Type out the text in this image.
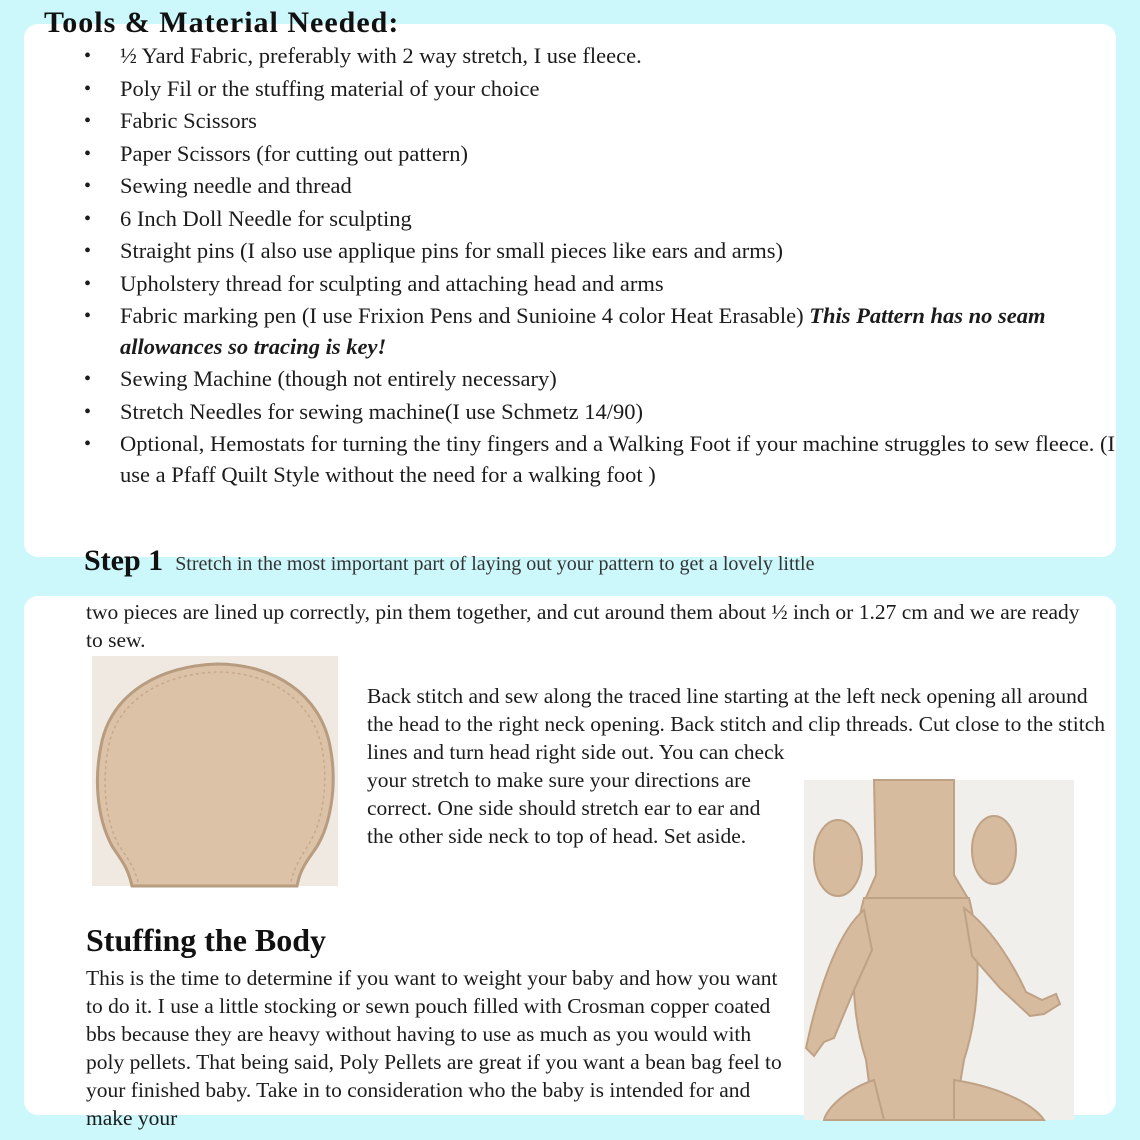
Tools & Material Needed:
• ½ Yard Fabric, preferably with 2 way stretch, I use fleece.
• Poly Fil or the stuffing material of your choice
• Fabric Scissors
• Paper Scissors (for cutting out pattern)
• Sewing needle and thread
• 6 Inch Doll Needle for sculpting
• Straight pins (I also use applique pins for small pieces like ears and arms)
• Upholstery thread for sculpting and attaching head and arms
• Fabric marking pen (I use Frixion Pens and Sunioine 4 color Heat Erasable) This Pattern has no seam allowances so tracing is key!
• Sewing Machine (though not entirely necessary)
• Stretch Needles for sewing machine(I use Schmetz 14/90)
• Optional, Hemostats for turning the tiny fingers and a Walking Foot if your machine struggles to sew fleece. (I use a Pfaff Quilt Style without the need for a walking foot )
Step 1 Stretch in the most important part of laying out your pattern to get a lovely little

two pieces are lined up correctly, pin them together, and cut around them about ½ inch or 1.27 cm and we are ready to sew.

Back stitch and sew along the traced line starting at the left neck opening all around the head to the right neck opening. Back stitch and clip threads. Cut close to the stitch lines and turn head right side out. You can check

your stretch to make sure your directions are correct. One side should stretch ear to ear and the other side neck to top of head. Set aside.

Stuffing the Body

This is the time to determine if you want to weight your baby and how you want to do it. I use a little stocking or sewn pouch filled with Crosman copper coated bbs because they are heavy without having to use as much as you would with poly pellets. That being said, Poly Pellets are great if you want a bean bag feel to your finished baby. Take in to consideration who the baby is intended for and make your
